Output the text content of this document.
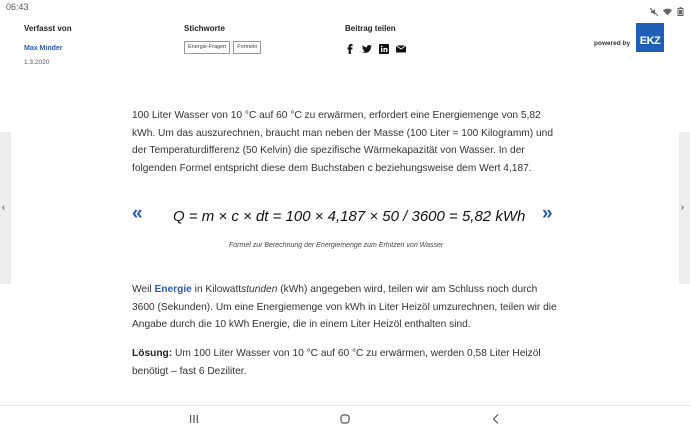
06:43
Verfasst von
Max Minder
1.3.2020
Stichworte
Energie-Fragen	Formeln
Beitrag teilen
powered by EKZ
‹	›

100 Liter Wasser von 10 °C auf 60 °C zu erwärmen, erfordert eine Energiemenge von 5,82 kWh. Um das auszurechnen, braucht man neben der Masse (100 Liter = 100 Kilogramm) und der Temperaturdifferenz (50 Kelvin) die spezifische Wärmekapazität von Wasser. In der folgenden Formel entspricht diese dem Buchstaben c beziehungsweise dem Wert 4,187.

« Q = m × c × dt = 100 × 4,187 × 50 / 3600 = 5,82 kWh »
Formel zur Berechnung der Energiemenge zum Erhitzen von Wasser

Weil Energie in Kilowattstunden (kWh) angegeben wird, teilen wir am Schluss noch durch 3600 (Sekunden). Um eine Energiemenge von kWh in Liter Heizöl umzurechnen, teilen wir die Angabe durch die 10 kWh Energie, die in einem Liter Heizöl enthalten sind.

Lösung: Um 100 Liter Wasser von 10 °C auf 60 °C zu erwärmen, werden 0,58 Liter Heizöl benötigt – fast 6 Deziliter.
